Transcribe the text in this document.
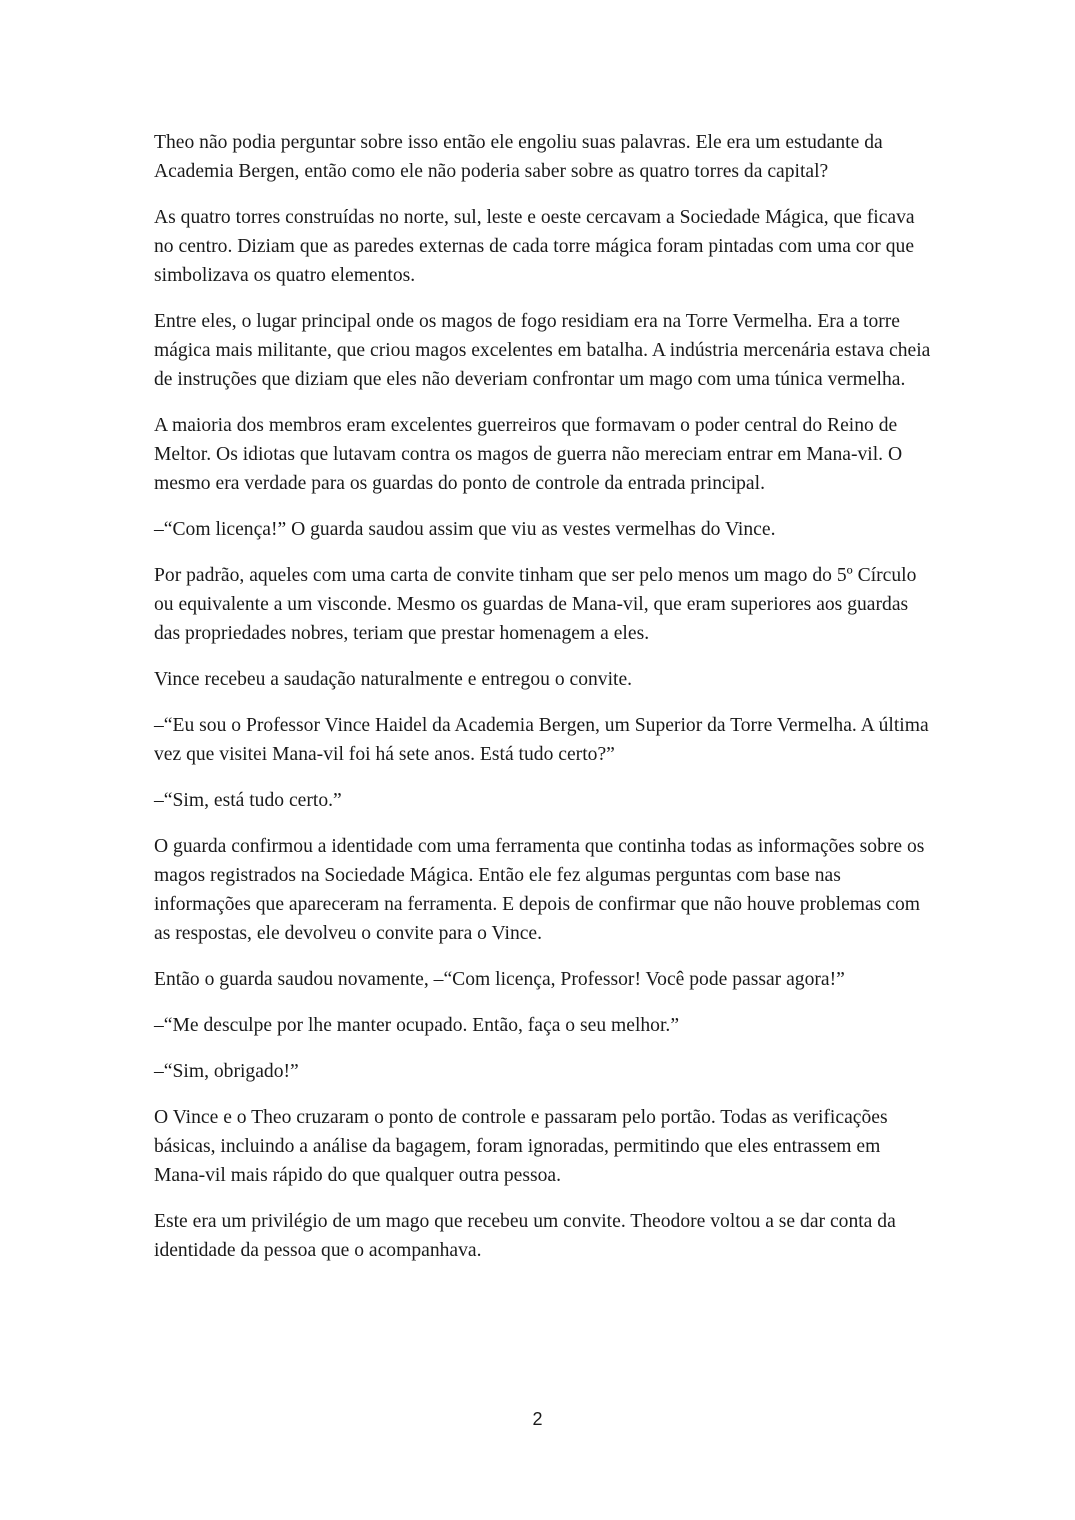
Theo não podia perguntar sobre isso então ele engoliu suas palavras. Ele era um estudante da Academia Bergen, então como ele não poderia saber sobre as quatro torres da capital?

As quatro torres construídas no norte, sul, leste e oeste cercavam a Sociedade Mágica, que ficava no centro. Diziam que as paredes externas de cada torre mágica foram pintadas com uma cor que simbolizava os quatro elementos.

Entre eles, o lugar principal onde os magos de fogo residiam era na Torre Vermelha. Era a torre mágica mais militante, que criou magos excelentes em batalha. A indústria mercenária estava cheia de instruções que diziam que eles não deveriam confrontar um mago com uma túnica vermelha.

A maioria dos membros eram excelentes guerreiros que formavam o poder central do Reino de Meltor. Os idiotas que lutavam contra os magos de guerra não mereciam entrar em Mana-vil. O mesmo era verdade para os guardas do ponto de controle da entrada principal.

–“Com licença!” O guarda saudou assim que viu as vestes vermelhas do Vince.

Por padrão, aqueles com uma carta de convite tinham que ser pelo menos um mago do 5º Círculo ou equivalente a um visconde. Mesmo os guardas de Mana-vil, que eram superiores aos guardas das propriedades nobres, teriam que prestar homenagem a eles.

Vince recebeu a saudação naturalmente e entregou o convite.

–“Eu sou o Professor Vince Haidel da Academia Bergen, um Superior da Torre Vermelha. A última vez que visitei Mana-vil foi há sete anos. Está tudo certo?”

–“Sim, está tudo certo.”

O guarda confirmou a identidade com uma ferramenta que continha todas as informações sobre os magos registrados na Sociedade Mágica. Então ele fez algumas perguntas com base nas informações que apareceram na ferramenta. E depois de confirmar que não houve problemas com as respostas, ele devolveu o convite para o Vince.

Então o guarda saudou novamente, –“Com licença, Professor! Você pode passar agora!”

–“Me desculpe por lhe manter ocupado. Então, faça o seu melhor.”

–“Sim, obrigado!”

O Vince e o Theo cruzaram o ponto de controle e passaram pelo portão. Todas as verificações básicas, incluindo a análise da bagagem, foram ignoradas, permitindo que eles entrassem em Mana-vil mais rápido do que qualquer outra pessoa.

Este era um privilégio de um mago que recebeu um convite. Theodore voltou a se dar conta da identidade da pessoa que o acompanhava.

2
